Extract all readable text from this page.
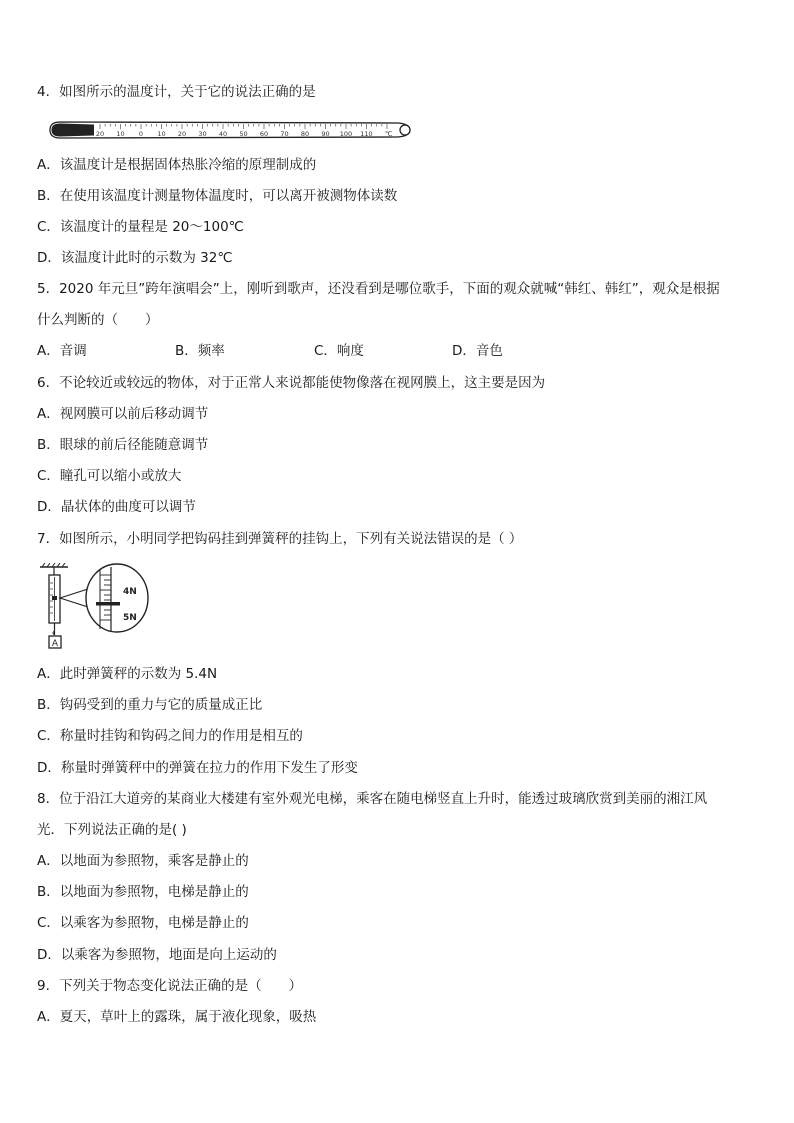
4．如图所示的温度计，关于它的说法正确的是
20 10 0 10 20 30 40 50 60 70 80 90 100 110 ℃
A．该温度计是根据固体热胀冷缩的原理制成的
B．在使用该温度计测量物体温度时，可以离开被测物体读数
C．该温度计的量程是 20～100℃
D．该温度计此时的示数为 32℃
5．2020 年元旦”跨年演唱会”上，刚听到歌声，还没看到是哪位歌手，下面的观众就喊“韩红、韩红”，观众是根据
什么判断的（　　）
A．音调	B．频率	C．响度	D．音色
6．不论较近或较远的物体，对于正常人来说都能使物像落在视网膜上，这主要是因为
A．视网膜可以前后移动调节
B．眼球的前后径能随意调节
C．瞳孔可以缩小或放大
D．晶状体的曲度可以调节
7．如图所示，小明同学把钩码挂到弹簧秤的挂钩上，下列有关说法错误的是（ ）
A
4N
5N
A．此时弹簧秤的示数为 5.4N
B．钩码受到的重力与它的质量成正比
C．称量时挂钩和钩码之间力的作用是相互的
D．称量时弹簧秤中的弹簧在拉力的作用下发生了形变
8．位于沿江大道旁的某商业大楼建有室外观光电梯，乘客在随电梯竖直上升时，能透过玻璃欣赏到美丽的湘江风
光．下列说法正确的是( )
A．以地面为参照物，乘客是静止的
B．以地面为参照物，电梯是静止的
C．以乘客为参照物，电梯是静止的
D．以乘客为参照物，地面是向上运动的
9．下列关于物态变化说法正确的是（　　）
A．夏天，草叶上的露珠，属于液化现象，吸热
